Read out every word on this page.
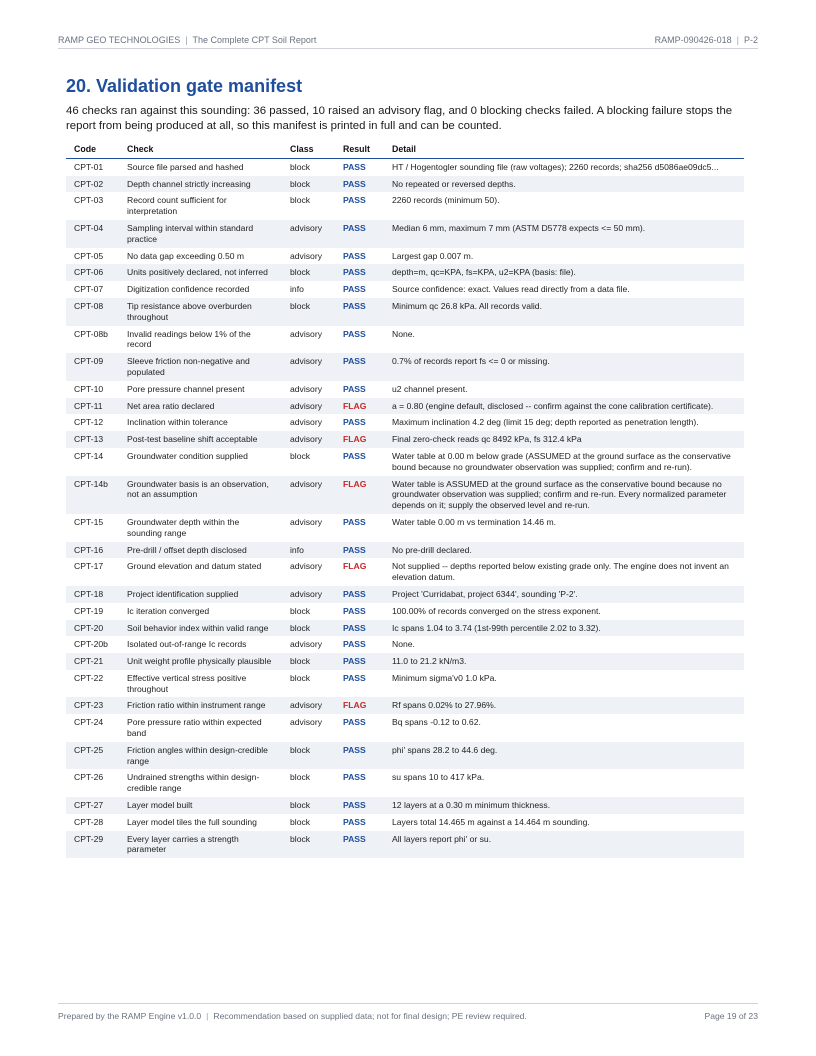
RAMP GEO TECHNOLOGIES | The Complete CPT Soil Report	RAMP-090426-018 | P-2
20. Validation gate manifest

46 checks ran against this sounding: 36 passed, 10 raised an advisory flag, and 0 blocking checks failed. A blocking failure stops the report from being produced at all, so this manifest is printed in full and can be counted.

Code	Check	Class	Result	Detail
CPT-01	Source file parsed and hashed	block	PASS	HT / Hogentogler sounding file (raw voltages); 2260 records; sha256 d5086ae09dc5...
CPT-02	Depth channel strictly increasing	block	PASS	No repeated or reversed depths.
CPT-03	Record count sufficient for interpretation	block	PASS	2260 records (minimum 50).
CPT-04	Sampling interval within standard practice	advisory	PASS	Median 6 mm, maximum 7 mm (ASTM D5778 expects <= 50 mm).
CPT-05	No data gap exceeding 0.50 m	advisory	PASS	Largest gap 0.007 m.
CPT-06	Units positively declared, not inferred	block	PASS	depth=m, qc=KPA, fs=KPA, u2=KPA (basis: file).
CPT-07	Digitization confidence recorded	info	PASS	Source confidence: exact. Values read directly from a data file.
CPT-08	Tip resistance above overburden throughout	block	PASS	Minimum qc 26.8 kPa. All records valid.
CPT-08b	Invalid readings below 1% of the record	advisory	PASS	None.
CPT-09	Sleeve friction non-negative and populated	advisory	PASS	0.7% of records report fs <= 0 or missing.
CPT-10	Pore pressure channel present	advisory	PASS	u2 channel present.
CPT-11	Net area ratio declared	advisory	FLAG	a = 0.80 (engine default, disclosed -- confirm against the cone calibration certificate).
CPT-12	Inclination within tolerance	advisory	PASS	Maximum inclination 4.2 deg (limit 15 deg; depth reported as penetration length).
CPT-13	Post-test baseline shift acceptable	advisory	FLAG	Final zero-check reads qc 8492 kPa, fs 312.4 kPa
CPT-14	Groundwater condition supplied	block	PASS	Water table at 0.00 m below grade (ASSUMED at the ground surface as the conservative bound because no groundwater observation was supplied; confirm and re-run).
CPT-14b	Groundwater basis is an observation, not an assumption	advisory	FLAG	Water table is ASSUMED at the ground surface as the conservative bound because no groundwater observation was supplied; confirm and re-run. Every normalized parameter depends on it; supply the observed level and re-run.
CPT-15	Groundwater depth within the sounding range	advisory	PASS	Water table 0.00 m vs termination 14.46 m.
CPT-16	Pre-drill / offset depth disclosed	info	PASS	No pre-drill declared.
CPT-17	Ground elevation and datum stated	advisory	FLAG	Not supplied -- depths reported below existing grade only. The engine does not invent an elevation datum.
CPT-18	Project identification supplied	advisory	PASS	Project 'Curridabat, project 6344', sounding 'P-2'.
CPT-19	Ic iteration converged	block	PASS	100.00% of records converged on the stress exponent.
CPT-20	Soil behavior index within valid range	block	PASS	Ic spans 1.04 to 3.74 (1st-99th percentile 2.02 to 3.32).
CPT-20b	Isolated out-of-range Ic records	advisory	PASS	None.
CPT-21	Unit weight profile physically plausible	block	PASS	11.0 to 21.2 kN/m3.
CPT-22	Effective vertical stress positive throughout	block	PASS	Minimum sigma'v0 1.0 kPa.
CPT-23	Friction ratio within instrument range	advisory	FLAG	Rf spans 0.02% to 27.96%.
CPT-24	Pore pressure ratio within expected band	advisory	PASS	Bq spans -0.12 to 0.62.
CPT-25	Friction angles within design-credible range	block	PASS	phi' spans 28.2 to 44.6 deg.
CPT-26	Undrained strengths within design-credible range	block	PASS	su spans 10 to 417 kPa.
CPT-27	Layer model built	block	PASS	12 layers at a 0.30 m minimum thickness.
CPT-28	Layer model tiles the full sounding	block	PASS	Layers total 14.465 m against a 14.464 m sounding.
CPT-29	Every layer carries a strength parameter	block	PASS	All layers report phi' or su.
Prepared by the RAMP Engine v1.0.0 | Recommendation based on supplied data; not for final design; PE review required.	Page 19 of 23
